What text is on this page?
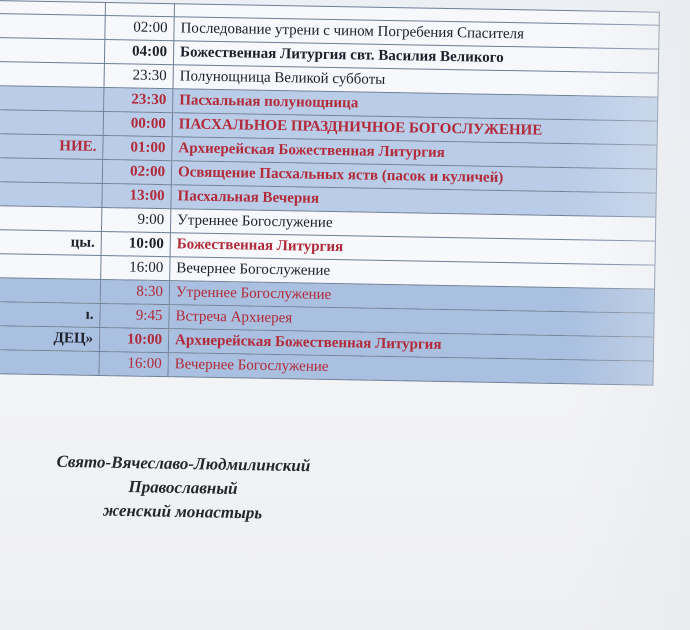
	02:00	Последование утрени с чином Погребения Спасителя
	04:00	Божественная Литургия свт. Василия Великого
	23:30	Полунощница Великой субботы
	23:30	Пасхальная полунощница
	00:00	ПАСХАЛЬНОЕ ПРАЗДНИЧНОЕ БОГОСЛУЖЕНИЕ
НИЕ.	01:00	Архиерейская Божественная Литургия
	02:00	Освящение Пасхальных яств (пасок и куличей)
	13:00	Пасхальная Вечерня
	9:00	Утреннее Богослужение
цы.	10:00	Божественная Литургия
	16:00	Вечернее Богослужение
	8:30	Утреннее Богослужение
ı.	9:45	Встреча Архиерея
ДЕЦ»	10:00	Архиерейская Божественная Литургия
	16:00	Вечернее Богослужение
Свято-Вячеславо-Людмилинский
Православный
женский монастырь
